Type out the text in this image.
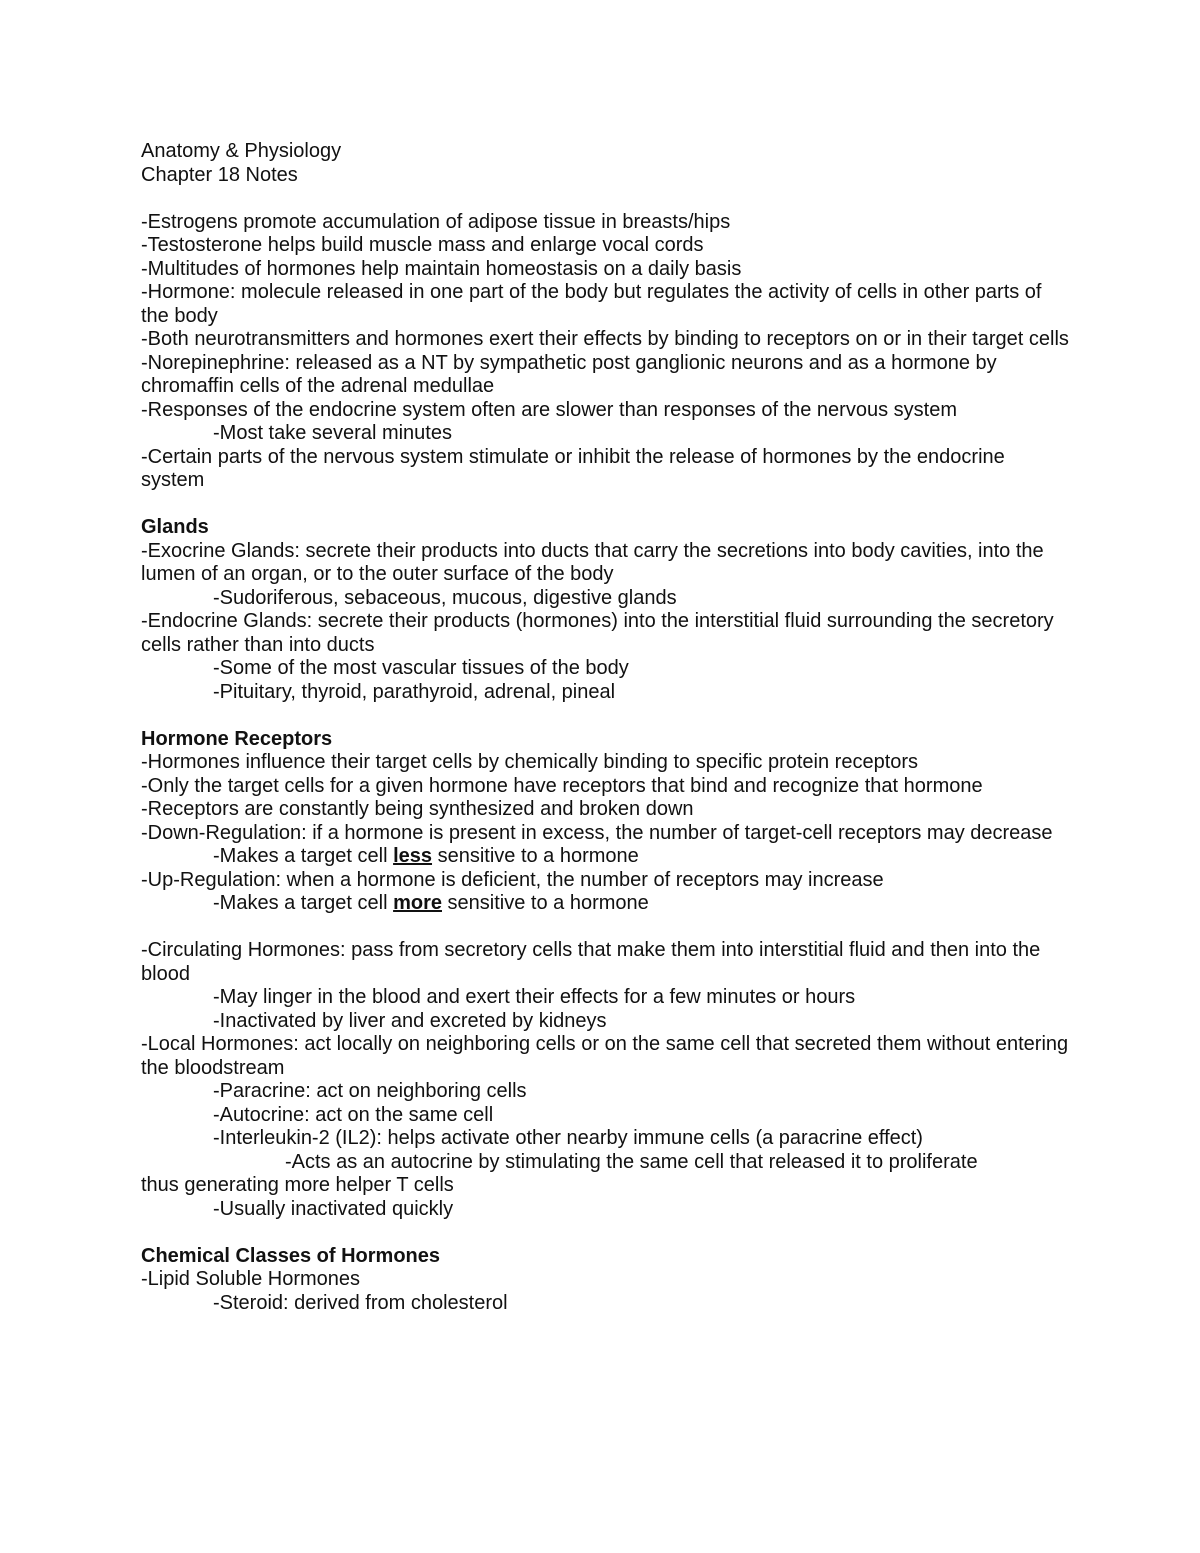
Anatomy & Physiology
Chapter 18 Notes
-Estrogens promote accumulation of adipose tissue in breasts/hips
-Testosterone helps build muscle mass and enlarge vocal cords
-Multitudes of hormones help maintain homeostasis on a daily basis
-Hormone: molecule released in one part of the body but regulates the activity of cells in other parts of the body
-Both neurotransmitters and hormones exert their effects by binding to receptors on or in their target cells
-Norepinephrine: released as a NT by sympathetic post ganglionic neurons and as a hormone by chromaffin cells of the adrenal medullae
-Responses of the endocrine system often are slower than responses of the nervous system
-Most take several minutes
-Certain parts of the nervous system stimulate or inhibit the release of hormones by the endocrine system
Glands
-Exocrine Glands: secrete their products into ducts that carry the secretions into body cavities, into the lumen of an organ, or to the outer surface of the body
-Sudoriferous, sebaceous, mucous, digestive glands
-Endocrine Glands: secrete their products (hormones) into the interstitial fluid surrounding the secretory cells rather than into ducts
-Some of the most vascular tissues of the body
-Pituitary, thyroid, parathyroid, adrenal, pineal
Hormone Receptors
-Hormones influence their target cells by chemically binding to specific protein receptors
-Only the target cells for a given hormone have receptors that bind and recognize that hormone
-Receptors are constantly being synthesized and broken down
-Down-Regulation: if a hormone is present in excess, the number of target-cell receptors may decrease
-Makes a target cell less sensitive to a hormone
-Up-Regulation: when a hormone is deficient, the number of receptors may increase
-Makes a target cell more sensitive to a hormone
-Circulating Hormones: pass from secretory cells that make them into interstitial fluid and then into the blood
-May linger in the blood and exert their effects for a few minutes or hours
-Inactivated by liver and excreted by kidneys
-Local Hormones: act locally on neighboring cells or on the same cell that secreted them without entering the bloodstream
-Paracrine: act on neighboring cells
-Autocrine: act on the same cell
-Interleukin-2 (IL2): helps activate other nearby immune cells (a paracrine effect)
-Acts as an autocrine by stimulating the same cell that released it to proliferate
thus generating more helper T cells
-Usually inactivated quickly
Chemical Classes of Hormones
-Lipid Soluble Hormones
-Steroid: derived from cholesterol
